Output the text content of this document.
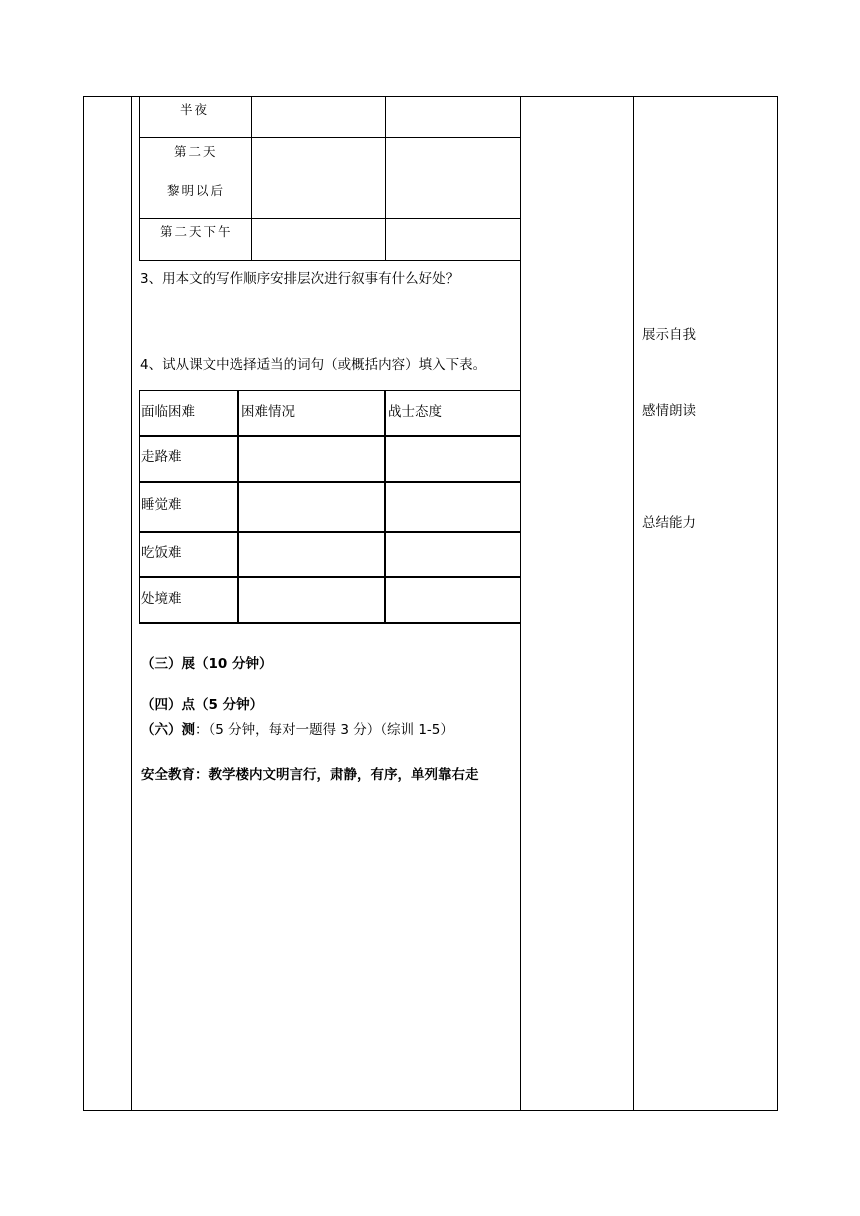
半夜
第二天
黎明以后
第二天下午
3、用本文的写作顺序安排层次进行叙事有什么好处？
4、试从课文中选择适当的词句（或概括内容）填入下表。
面临困难	困难情况	战士态度
走路难
睡觉难
吃饭难
处境难
（三）展（10 分钟）
（四）点（5 分钟）
（六）测：（5 分钟，每对一题得 3 分）（综训 1-5）
安全教育：教学楼内文明言行，肃静，有序，单列靠右走
展示自我
感情朗读
总结能力
